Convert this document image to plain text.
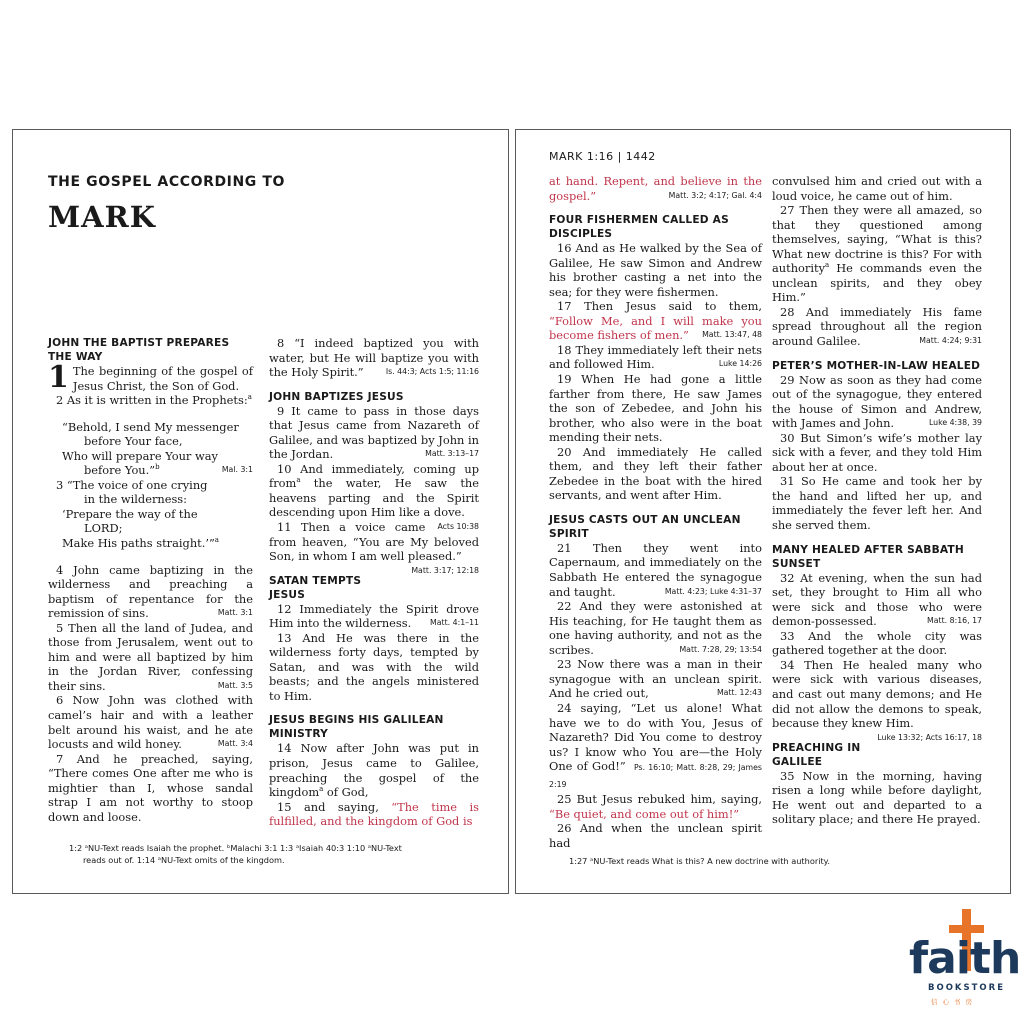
THE GOSPEL ACCORDING TO
MARK
JOHN THE BAPTIST PREPARES THE WAY

1 The beginning of the gospel of Jesus Christ, the Son of God.

2 As it is written in the Prophets:$^a$

“Behold, I send My messenger
before Your face,
Who will prepare Your way
before You.”$^b$	Mal. 3:1
3 “The voice of one crying
in the wilderness:
‘Prepare the way of the
LORD;
Make His paths straight.’”$^a$

4 John came baptizing in the wilderness and preaching a baptism of repentance for the remission of sins.	Matt. 3:1

5 Then all the land of Judea, and those from Jerusalem, went out to him and were all baptized by him in the Jordan River, confessing their sins.	Matt. 3:5

6 Now John was clothed with camel’s hair and with a leather belt around his waist, and he ate locusts and wild honey.	Matt. 3:4

7 And he preached, saying, “There comes One after me who is mightier than I, whose sandal strap I am not worthy to stoop down and loose.

8 “I indeed baptized you with water, but He will baptize you with the Holy Spirit.”	Is. 44:3; Acts 1:5; 11:16

JOHN BAPTIZES JESUS

9 It came to pass in those days that Jesus came from Nazareth of Galilee, and was baptized by John in the Jordan.	Matt. 3:13–17

10 And immediately, coming up from$^a$ the water, He saw the heavens parting and the Spirit descending upon Him like a dove.
Acts 10:38

11 Then a voice came from heaven, “You are My beloved Son, in whom I am well pleased.”
Matt. 3:17; 12:18

SATAN TEMPTS JESUS

12 Immediately the Spirit drove Him into the wilderness.	Matt. 4:1–11

13 And He was there in the wilderness forty days, tempted by Satan, and was with the wild beasts; and the angels ministered to Him.

JESUS BEGINS HIS GALILEAN MINISTRY

14 Now after John was put in prison, Jesus came to Galilee, preaching the gospel of the kingdom$^a$ of God,

15 and saying, “The time is fulfilled, and the kingdom of God is

1:2 ᵃNU-Text reads Isaiah the prophet. ᵇMalachi 3:1 1:3 ᵃIsaiah 40:3 1:10 ᵃNU-Text
reads out of. 1:14 ᵃNU-Text omits of the kingdom.
MARK 1:16 | 1442

at hand. Repent, and believe in the gospel.”	Matt. 3:2; 4:17; Gal. 4:4

FOUR FISHERMEN CALLED AS DISCIPLES

16 And as He walked by the Sea of Galilee, He saw Simon and Andrew his brother casting a net into the sea; for they were fishermen.

17 Then Jesus said to them, “Follow Me, and I will make you become fishers of men.”	Matt. 13:47, 48

18 They immediately left their nets and followed Him.	Luke 14:26

19 When He had gone a little farther from there, He saw James the son of Zebedee, and John his brother, who also were in the boat mending their nets.

20 And immediately He called them, and they left their father Zebedee in the boat with the hired servants, and went after Him.

JESUS CASTS OUT AN UNCLEAN SPIRIT

21 Then they went into Capernaum, and immediately on the Sabbath He entered the synagogue and taught.	Matt. 4:23; Luke 4:31–37

22 And they were astonished at His teaching, for He taught them as one having authority, and not as the scribes.	Matt. 7:28, 29; 13:54

23 Now there was a man in their synagogue with an unclean spirit. And he cried out,	Matt. 12:43

24 saying, “Let us alone! What have we to do with You, Jesus of Nazareth? Did You come to destroy us? I know who You are—the Holy One of God!” Ps. 16:10; Matt. 8:28, 29; James 2:19

25 But Jesus rebuked him, saying, “Be quiet, and come out of him!”

26 And when the unclean spirit had

convulsed him and cried out with a loud voice, he came out of him.

27 Then they were all amazed, so that they questioned among themselves, saying, “What is this? What new doctrine is this? For with authority$^a$ He commands even the unclean spirits, and they obey Him.”

28 And immediately His fame spread throughout all the region around Galilee.	Matt. 4:24; 9:31

PETER’S MOTHER-IN-LAW HEALED

29 Now as soon as they had come out of the synagogue, they entered the house of Simon and Andrew, with James and John.	Luke 4:38, 39

30 But Simon’s wife’s mother lay sick with a fever, and they told Him about her at once.

31 So He came and took her by the hand and lifted her up, and immediately the fever left her. And she served them.

MANY HEALED AFTER SABBATH SUNSET

32 At evening, when the sun had set, they brought to Him all who were sick and those who were demon-possessed.	Matt. 8:16, 17

33 And the whole city was gathered together at the door.

34 Then He healed many who were sick with various diseases, and cast out many demons; and He did not allow the demons to speak, because they knew Him.
Luke 13:32; Acts 16:17, 18

PREACHING IN GALILEE

35 Now in the morning, having risen a long while before daylight, He went out and departed to a solitary place; and there He prayed.

1:27 ᵃNU-Text reads What is this? A new doctrine with authority.
faith
BOOKSTORE
信心书房
